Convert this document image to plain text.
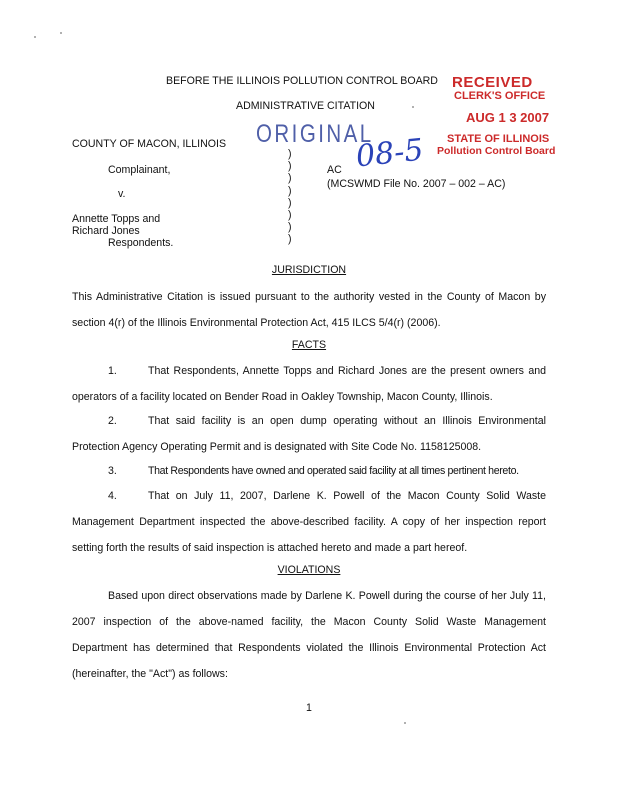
BEFORE THE ILLINOIS POLLUTION CONTROL BOARD
ADMINISTRATIVE CITATION
RECEIVED
CLERK'S OFFICE
AUG 1 3 2007
STATE OF ILLINOIS
Pollution Control Board
ORIGINAL
08-5
COUNTY OF MACON, ILLINOIS
Complainant,
v.
Annette Topps and
Richard Jones
Respondents.
)
)
)
)
)
)
)
)
AC
(MCSWMD File No. 2007 – 002 – AC)
JURISDICTION
This Administrative Citation is issued pursuant to the authority vested in the County of Macon by section 4(r) of the Illinois Environmental Protection Act, 415 ILCS 5/4(r) (2006).
FACTS
1.	That Respondents, Annette Topps and Richard Jones are the present owners and operators of a facility located on Bender Road in Oakley Township, Macon County, Illinois.
2.	That said facility is an open dump operating without an Illinois Environmental Protection Agency Operating Permit and is designated with Site Code No. 1158125008.
3.	That Respondents have owned and operated said facility at all times pertinent hereto.
4.	That on July 11, 2007, Darlene K. Powell of the Macon County Solid Waste Management Department inspected the above-described facility. A copy of her inspection report setting forth the results of said inspection is attached hereto and made a part hereof.
VIOLATIONS
Based upon direct observations made by Darlene K. Powell during the course of her July 11, 2007 inspection of the above-named facility, the Macon County Solid Waste Management Department has determined that Respondents violated the Illinois Environmental Protection Act (hereinafter, the "Act") as follows:
1
